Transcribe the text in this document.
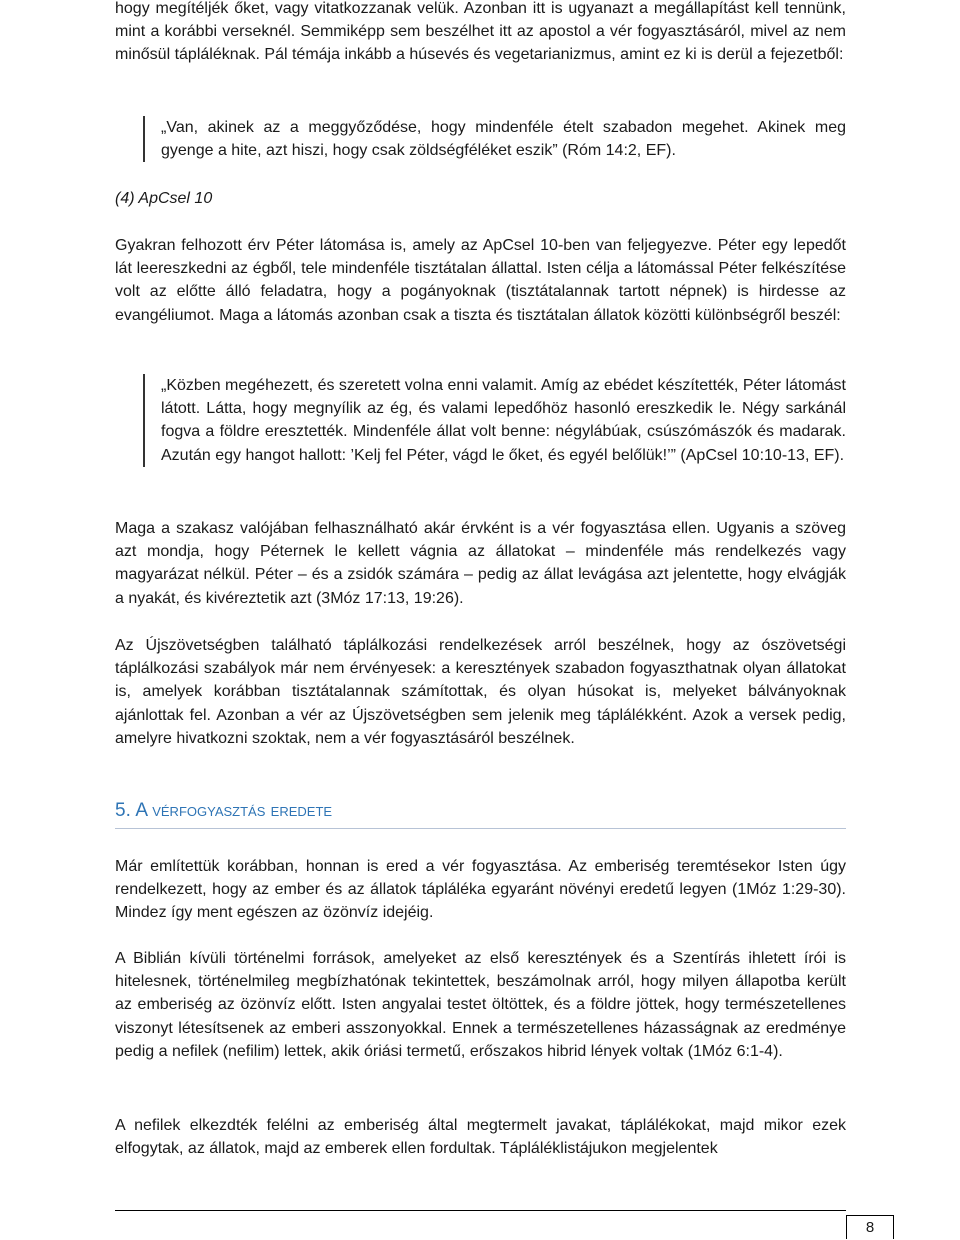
hogy megítéljék őket, vagy vitatkozzanak velük. Azonban itt is ugyanazt a megállapítást kell tennünk, mint a korábbi verseknél. Semmiképp sem beszélhet itt az apostol a vér fogyasztásáról, mivel az nem minősül tápláléknak. Pál témája inkább a húsevés és vegetarianizmus, amint ez ki is derül a fejezetből:

„Van, akinek az a meggyőződése, hogy mindenféle ételt szabadon megehet. Akinek meg gyenge a hite, azt hiszi, hogy csak zöldségféléket eszik” (Róm 14:2, EF).

(4) ApCsel 10

Gyakran felhozott érv Péter látomása is, amely az ApCsel 10-ben van feljegyezve. Péter egy lepedőt lát leereszkedni az égből, tele mindenféle tisztátalan állattal. Isten célja a látomással Péter felkészítése volt az előtte álló feladatra, hogy a pogányoknak (tisztátalannak tartott népnek) is hirdesse az evangéliumot. Maga a látomás azonban csak a tiszta és tisztátalan állatok közötti különbségről beszél:

„Közben megéhezett, és szeretett volna enni valamit. Amíg az ebédet készítették, Péter látomást látott. Látta, hogy megnyílik az ég, és valami lepedőhöz hasonló ereszkedik le. Négy sarkánál fogva a földre eresztették. Mindenféle állat volt benne: négylábúak, csúszómászók és madarak. Azután egy hangot hallott: ’Kelj fel Péter, vágd le őket, és egyél belőlük!’” (ApCsel 10:10-13, EF).

Maga a szakasz valójában felhasználható akár érvként is a vér fogyasztása ellen. Ugyanis a szöveg azt mondja, hogy Péternek le kellett vágnia az állatokat – mindenféle más rendelkezés vagy magyarázat nélkül. Péter – és a zsidók számára – pedig az állat levágása azt jelentette, hogy elvágják a nyakát, és kivéreztetik azt (3Móz 17:13, 19:26).

Az Újszövetségben található táplálkozási rendelkezések arról beszélnek, hogy az ószövetségi táplálkozási szabályok már nem érvényesek: a keresztények szabadon fogyaszthatnak olyan állatokat is, amelyek korábban tisztátalannak számítottak, és olyan húsokat is, melyeket bálványoknak ajánlottak fel. Azonban a vér az Újszövetségben sem jelenik meg táplálékként. Azok a versek pedig, amelyre hivatkozni szoktak, nem a vér fogyasztásáról beszélnek.

5. A vérfogyasztás eredete

Már említettük korábban, honnan is ered a vér fogyasztása. Az emberiség teremtésekor Isten úgy rendelkezett, hogy az ember és az állatok tápláléka egyaránt növényi eredetű legyen (1Móz 1:29-30). Mindez így ment egészen az özönvíz idejéig.

A Biblián kívüli történelmi források, amelyeket az első keresztények és a Szentírás ihletett írói is hitelesnek, történelmileg megbízhatónak tekintettek, beszámolnak arról, hogy milyen állapotba került az emberiség az özönvíz előtt. Isten angyalai testet öltöttek, és a földre jöttek, hogy természetellenes viszonyt létesítsenek az emberi asszonyokkal. Ennek a természetellenes házasságnak az eredménye pedig a nefilek (nefilim) lettek, akik óriási termetű, erőszakos hibrid lények voltak (1Móz 6:1-4).

A nefilek elkezdték felélni az emberiség által megtermelt javakat, táplálékokat, majd mikor ezek elfogytak, az állatok, majd az emberek ellen fordultak. Tápláléklistájukon megjelentek

8
